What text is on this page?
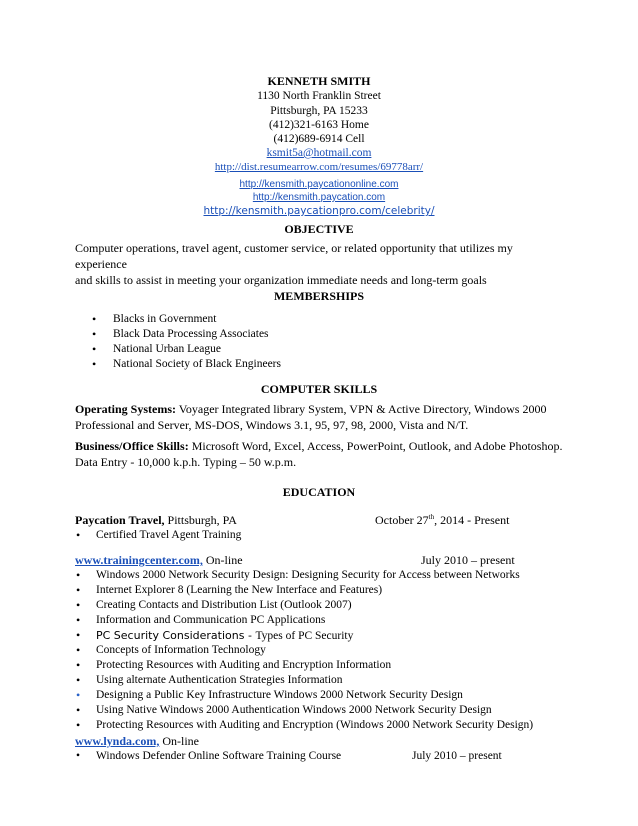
KENNETH SMITH
1130 North Franklin Street
Pittsburgh, PA 15233
(412)321-6163 Home
(412)689-6914 Cell
ksmit5a@hotmail.com
http://dist.resumearrow.com/resumes/69778arr/
http://kensmith.paycationonline.com
http://kensmith.paycation.com
http://kensmith.paycationpro.com/celebrity/
OBJECTIVE
Computer operations, travel agent, customer service, or related opportunity that utilizes my experience
and skills to assist in meeting your organization immediate needs and long-term goals
MEMBERSHIPS
• Blacks in Government
• Black Data Processing Associates
• National Urban League
• National Society of Black Engineers
COMPUTER SKILLS
Operating Systems: Voyager Integrated library System, VPN & Active Directory, Windows 2000
Professional and Server, MS-DOS, Windows 3.1, 95, 97, 98, 2000, Vista and N/T.
Business/Office Skills: Microsoft Word, Excel, Access, PowerPoint, Outlook, and Adobe Photoshop.
Data Entry - 10,000 k.p.h. Typing – 50 w.p.m.
EDUCATION
Paycation Travel, Pittsburgh, PA	October 27th, 2014 - Present
• Certified Travel Agent Training
www.trainingcenter.com, On-line	July 2010 – present
• Windows 2000 Network Security Design: Designing Security for Access between Networks
• Internet Explorer 8 (Learning the New Interface and Features)
• Creating Contacts and Distribution List (Outlook 2007)
• Information and Communication PC Applications
• PC Security Considerations - Types of PC Security
• Concepts of Information Technology
• Protecting Resources with Auditing and Encryption Information
• Using alternate Authentication Strategies Information
• Designing a Public Key Infrastructure Windows 2000 Network Security Design
• Using Native Windows 2000 Authentication Windows 2000 Network Security Design
• Protecting Resources with Auditing and Encryption (Windows 2000 Network Security Design)
www.lynda.com, On-line
• Windows Defender Online Software Training Course	July 2010 – present
